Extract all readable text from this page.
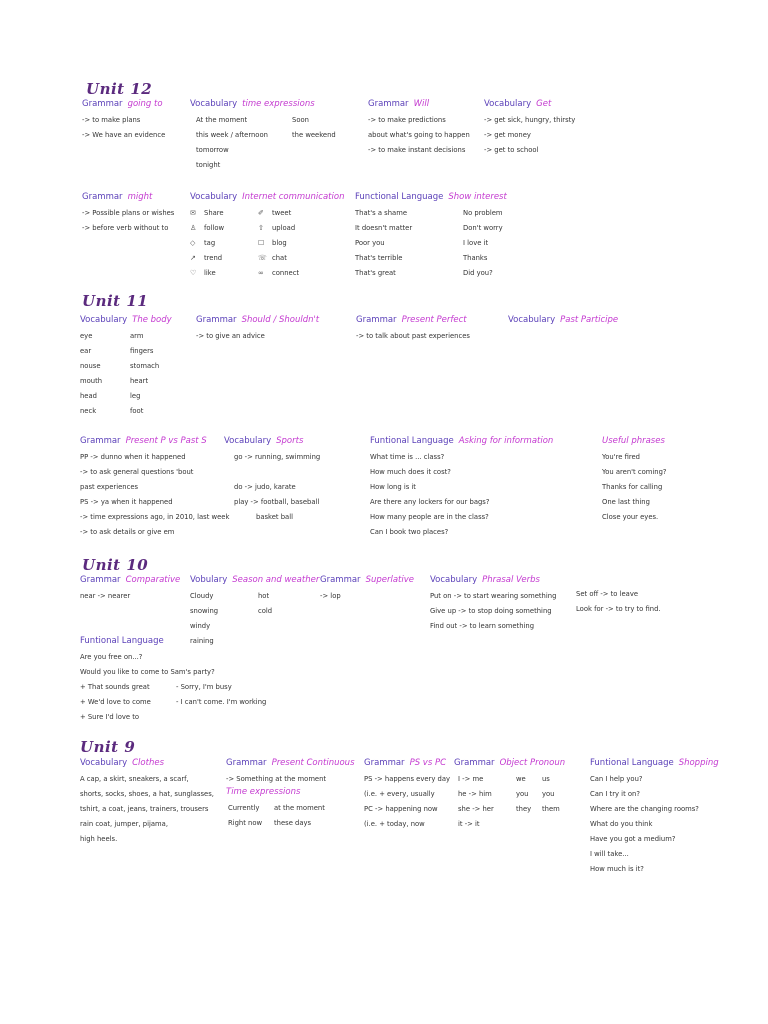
Unit 12
Grammar going to
-> to make plans
-> We have an evidence
Vocabulary time expressions
At the moment
this week / afternoon
tomorrow
tonight
Soon
the weekend
Grammar Will
-> to make predictions
about what's going to happen
-> to make instant decisions
Vocabulary Get
-> get sick, hungry, thirsty
-> get money
-> get to school
Grammar might
-> Possible plans or wishes
-> before verb without to
Vocabulary Internet communication
✉ Share
♙ follow
◇ tag
↗ trend
♡ like
✐ tweet
⇧ upload
☐ blog
☏ chat
∞ connect
Functional Language Show interest
That's a shame
It doesn't matter
Poor you
That's terrible
That's great
No problem
Don't worry
I love it
Thanks
Did you?
Unit 11
Vocabulary The body
eye
ear
nouse
mouth
head
neck
arm
fingers
stomach
heart
leg
foot
Grammar Should / Shouldn't
-> to give an advice
Grammar Present Perfect
-> to talk about past experiences
Vocabulary Past Participe
Grammar Present P vs Past S
PP -> dunno when it happened
-> to ask general questions 'bout
past experiences
PS -> ya when it happened
-> time expressions ago, in 2010, last week
-> to ask details or give em
Vocabulary Sports
go -> running, swimming
do -> judo, karate
play -> football, baseball
basket ball
Funtional Language Asking for information
What time is ... class?
How much does it cost?
How long is it
Are there any lockers for our bags?
How many people are in the class?
Can I book two places?
Useful phrases
You're fired
You aren't coming?
Thanks for calling
One last thing
Close your eyes.
Unit 10
Grammar Comparative
near -> nearer
Vobulary Season and weather
Cloudy
snowing
windy
raining
hot
cold
Grammar Superlative
-> lop
Vocabulary Phrasal Verbs
Put on -> to start wearing something
Give up -> to stop doing something
Find out -> to learn something
Set off -> to leave
Look for -> to try to find.
Funtional Language
Are you free on...?
Would you like to come to Sam's party?
+ That sounds great
+ We'd love to come
+ Sure I'd love to
- Sorry, I'm busy
- I can't come. I'm working
Unit 9
Vocabulary Clothes
A cap, a skirt, sneakers, a scarf,
shorts, socks, shoes, a hat, sunglasses,
tshirt, a coat, jeans, trainers, trousers
rain coat, jumper, pijama,
high heels.
Grammar Present Continuous
-> Something at the moment
Time expressions
Currently
Right now
at the moment
these days
Grammar PS vs PC
PS -> happens every day
(i.e. + every, usually
PC -> happening now
(i.e. + today, now
Grammar Object Pronoun
I -> me
he -> him
she -> her
it -> it
we
you
they
us
you
them
Funtional Language Shopping
Can I help you?
Can I try it on?
Where are the changing rooms?
What do you think
Have you got a medium?
I will take...
How much is it?
